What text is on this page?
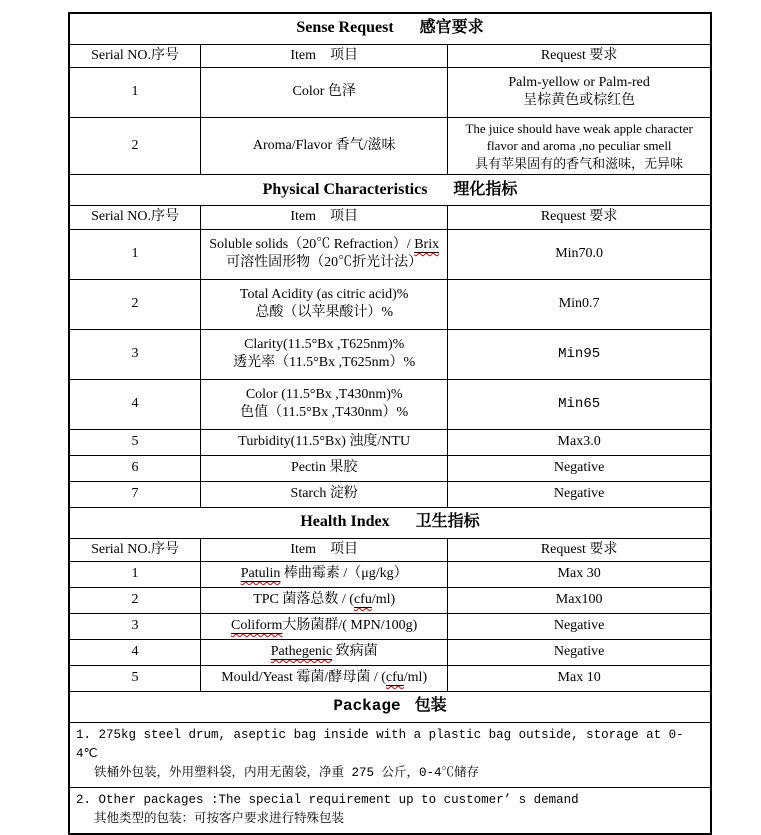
Sense Request 感官要求		
Serial NO.序号	Item　项目	Request 要求
1	Color 色泽	Palm-yellow or Palm-red
呈棕黄色或棕红色

2	Aroma/Flavor 香气/滋味	The juice should have weak apple character
flavor and aroma ,no peculiar smell
具有苹果固有的香气和滋味，无异味

Physical Characteristics 理化指标		
Serial NO.序号	Item　项目	Request 要求
1	Soluble solids（20℃ Refraction）/ Brix
可溶性固形物（20℃折光计法）	Min70.0
2	Total Acidity (as citric acid)%
总酸（以苹果酸计）%	Min0.7
3	Clarity(11.5°Bx ,T625nm)%
透光率（11.5°Bx ,T625nm）%	Min95
4	Color (11.5°Bx ,T430nm)%
色值（11.5°Bx ,T430nm）%	Min65
5	Turbidity(11.5°Bx) 浊度/NTU	Max3.0
6	Pectin 果胶	Negative
7	Starch 淀粉	Negative
Health Index 卫生指标		
Serial NO.序号	Item　项目	Request 要求
1	Patulin 棒曲霉素 /（μg/kg）	Max 30
2	TPC 菌落总数 / (cfu/ml)	Max100
3	Coliform大肠菌群/( MPN/100g)	Negative
4	Pathegenic 致病菌	Negative
5	Mould/Yeast 霉菌/酵母菌 / (cfu/ml)	Max 10
Package 包装		

1. 275kg steel drum, aseptic bag inside with a plastic bag outside, storage at 0-4℃
铁桶外包装，外用塑料袋，内用无菌袋，净重 275 公斤，0-4℃储存		

2. Other packages :The special requirement up to customer’ s demand
其他类型的包装：可按客户要求进行特殊包装		
